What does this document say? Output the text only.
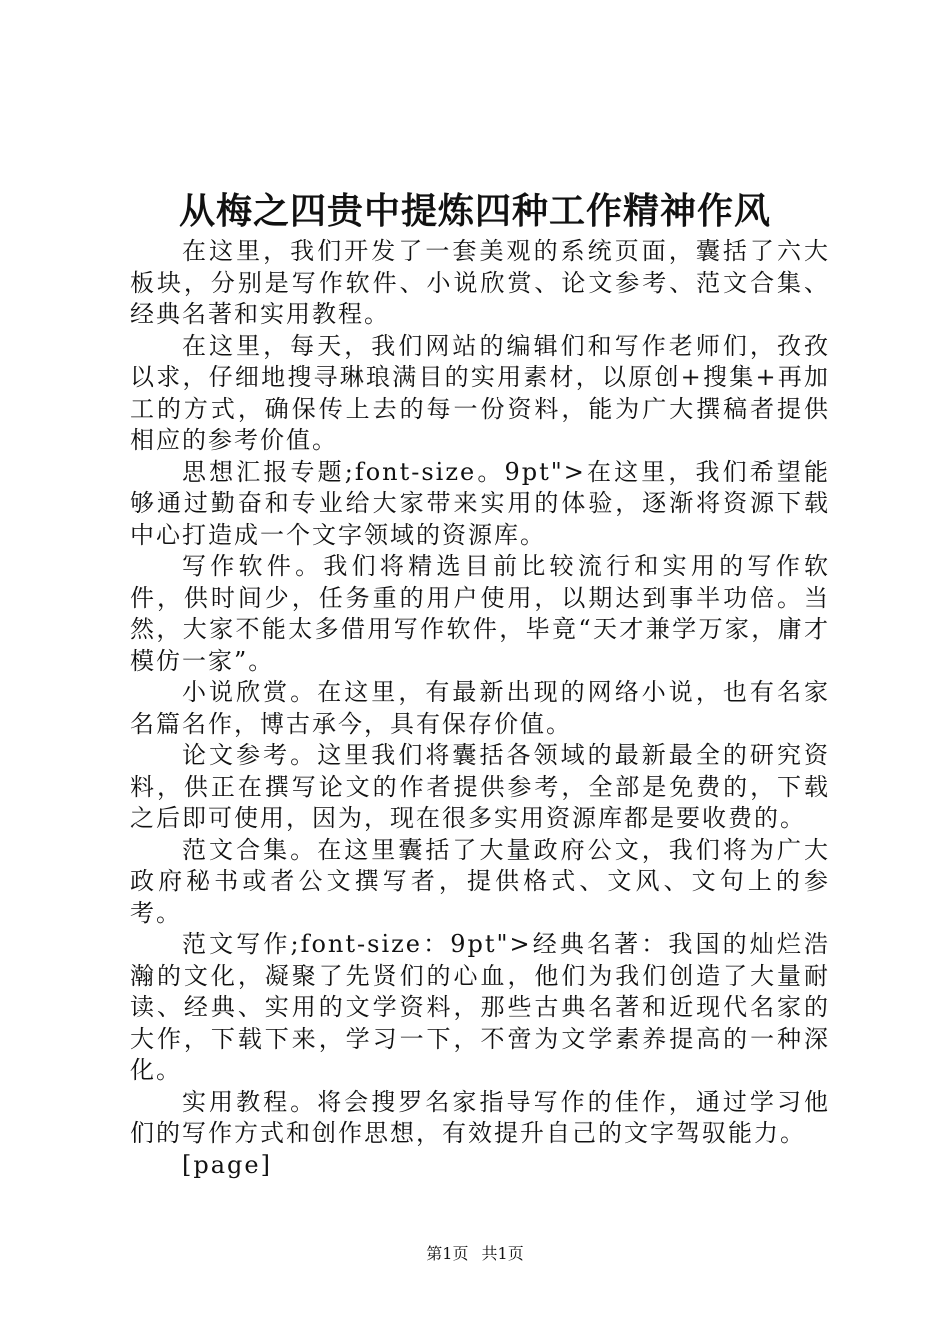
从梅之四贵中提炼四种工作精神作风

在这里，我们开发了一套美观的系统页面，囊括了六大板块，分别是写作软件、小说欣赏、论文参考、范文合集、经典名著和实用教程。

在这里，每天，我们网站的编辑们和写作老师们，孜孜以求，仔细地搜寻琳琅满目的实用素材，以原创+搜集+再加工的方式，确保传上去的每一份资料，能为广大撰稿者提供相应的参考价值。

思想汇报专题;font-size。9pt">在这里，我们希望能够通过勤奋和专业给大家带来实用的体验，逐渐将资源下载中心打造成一个文字领域的资源库。

写作软件。我们将精选目前比较流行和实用的写作软件，供时间少，任务重的用户使用，以期达到事半功倍。当然，大家不能太多借用写作软件，毕竟“天才兼学万家，庸才模仿一家”。

小说欣赏。在这里，有最新出现的网络小说，也有名家名篇名作，博古承今，具有保存价值。

论文参考。这里我们将囊括各领域的最新最全的研究资料，供正在撰写论文的作者提供参考，全部是免费的，下载之后即可使用，因为，现在很多实用资源库都是要收费的。

范文合集。在这里囊括了大量政府公文，我们将为广大政府秘书或者公文撰写者，提供格式、文风、文句上的参考。

范文写作;font-size：9pt">经典名著：我国的灿烂浩瀚的文化，凝聚了先贤们的心血，他们为我们创造了大量耐读、经典、实用的文学资料，那些古典名著和近现代名家的大作，下载下来，学习一下，不啻为文学素养提高的一种深化。

实用教程。将会搜罗名家指导写作的佳作，通过学习他们的写作方式和创作思想，有效提升自己的文字驾驭能力。

[page]

第1页 共1页
